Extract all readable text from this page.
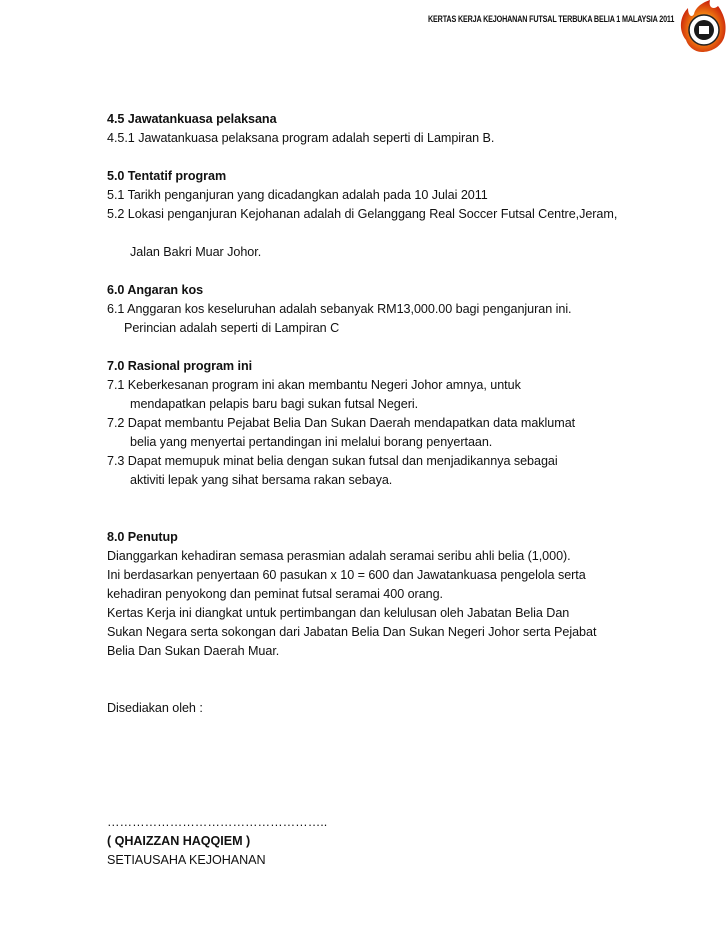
KERTAS KERJA KEJOHANAN FUTSAL TERBUKA BELIA 1 MALAYSIA 2011
4.5 Jawatankuasa pelaksana
4.5.1 Jawatankuasa pelaksana program adalah seperti di Lampiran B.
5.0 Tentatif program
5.1 Tarikh penganjuran yang dicadangkan adalah pada 10 Julai 2011
5.2 Lokasi penganjuran Kejohanan adalah di Gelanggang Real Soccer Futsal Centre,Jeram,
Jalan Bakri Muar Johor.
6.0 Angaran kos
6.1 Anggaran kos keseluruhan adalah sebanyak RM13,000.00 bagi penganjuran ini.
Perincian adalah seperti di Lampiran C
7.0 Rasional program ini
7.1 Keberkesanan program ini akan membantu Negeri Johor amnya, untuk
mendapatkan pelapis baru bagi sukan futsal Negeri.
7.2 Dapat membantu Pejabat Belia Dan Sukan Daerah mendapatkan data maklumat
belia yang menyertai pertandingan ini melalui borang penyertaan.
7.3 Dapat memupuk minat belia dengan sukan futsal dan menjadikannya sebagai
aktiviti lepak yang sihat bersama rakan sebaya.
8.0 Penutup
Dianggarkan kehadiran semasa perasmian adalah seramai seribu ahli belia (1,000).
Ini berdasarkan penyertaan 60 pasukan x 10 = 600 dan Jawatankuasa pengelola serta
kehadiran penyokong dan peminat futsal seramai 400 orang.
Kertas Kerja ini diangkat untuk pertimbangan dan kelulusan oleh Jabatan Belia Dan
Sukan Negara serta sokongan dari Jabatan Belia Dan Sukan Negeri Johor serta Pejabat
Belia Dan Sukan Daerah Muar.
Disediakan oleh :
……………………………………………..
( QHAIZZAN HAQQIEM )
SETIAUSAHA KEJOHANAN
